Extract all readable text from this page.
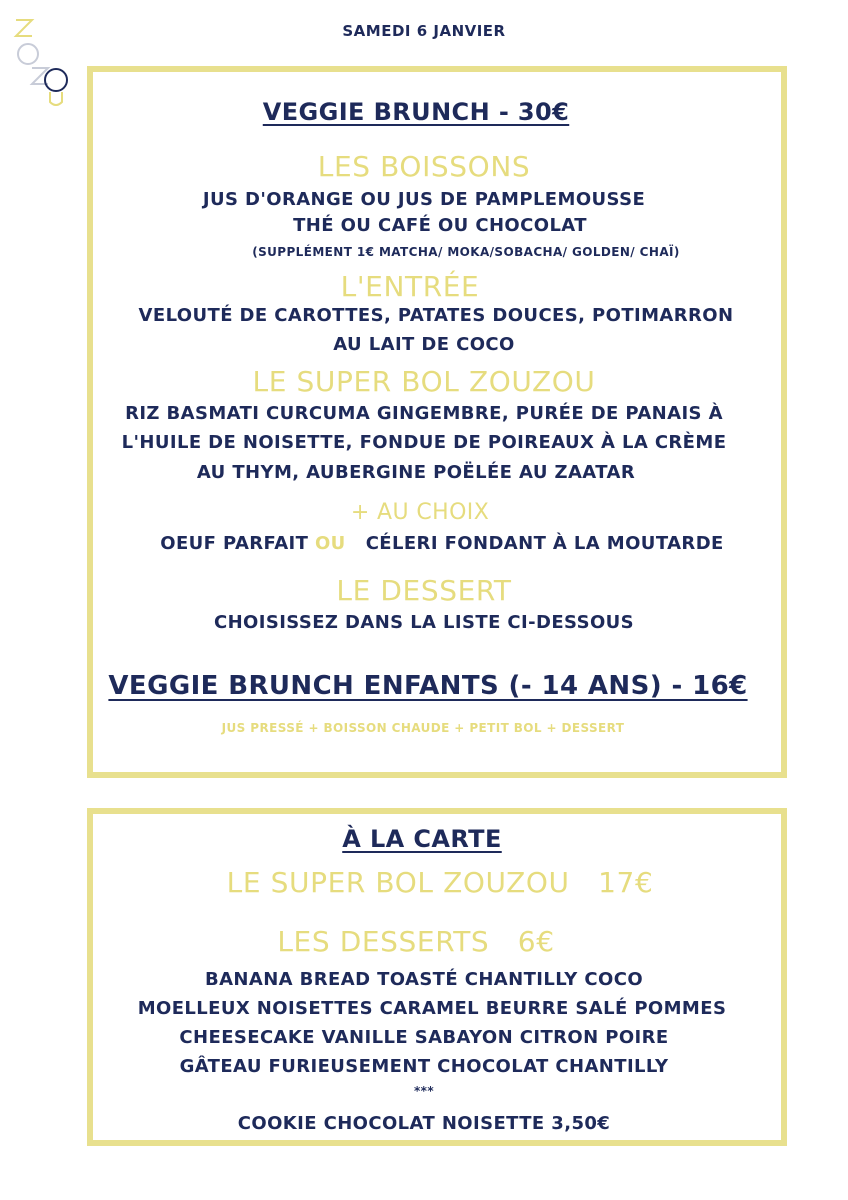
SAMEDI 6 JANVIER
VEGGIE BRUNCH - 30€
LES BOISSONS
JUS D'ORANGE OU JUS DE PAMPLEMOUSSE
THÉ OU CAFÉ OU CHOCOLAT
(SUPPLÉMENT 1€ MATCHA/ MOKA/SOBACHA/ GOLDEN/ CHAÏ)
L'ENTRÉE
VELOUTÉ DE CAROTTES, PATATES DOUCES, POTIMARRON
AU LAIT DE COCO
LE SUPER BOL ZOUZOU
RIZ BASMATI CURCUMA GINGEMBRE, PURÉE DE PANAIS À
L'HUILE DE NOISETTE, FONDUE DE POIREAUX À LA CRÈME
AU THYM, AUBERGINE POËLÉE AU ZAATAR
+ AU CHOIX
OEUF PARFAIT OU CÉLERI FONDANT À LA MOUTARDE
LE DESSERT
CHOISISSEZ DANS LA LISTE CI-DESSOUS
VEGGIE BRUNCH ENFANTS (- 14 ANS) - 16€
JUS PRESSÉ + BOISSON CHAUDE + PETIT BOL + DESSERT
À LA CARTE
LE SUPER BOL ZOUZOU   17€
LES DESSERTS   6€
BANANA BREAD TOASTÉ CHANTILLY COCO
MOELLEUX NOISETTES CARAMEL BEURRE SALÉ POMMES
CHEESECAKE VANILLE SABAYON CITRON POIRE
GÂTEAU FURIEUSEMENT CHOCOLAT CHANTILLY
***
COOKIE CHOCOLAT NOISETTE 3,50€
